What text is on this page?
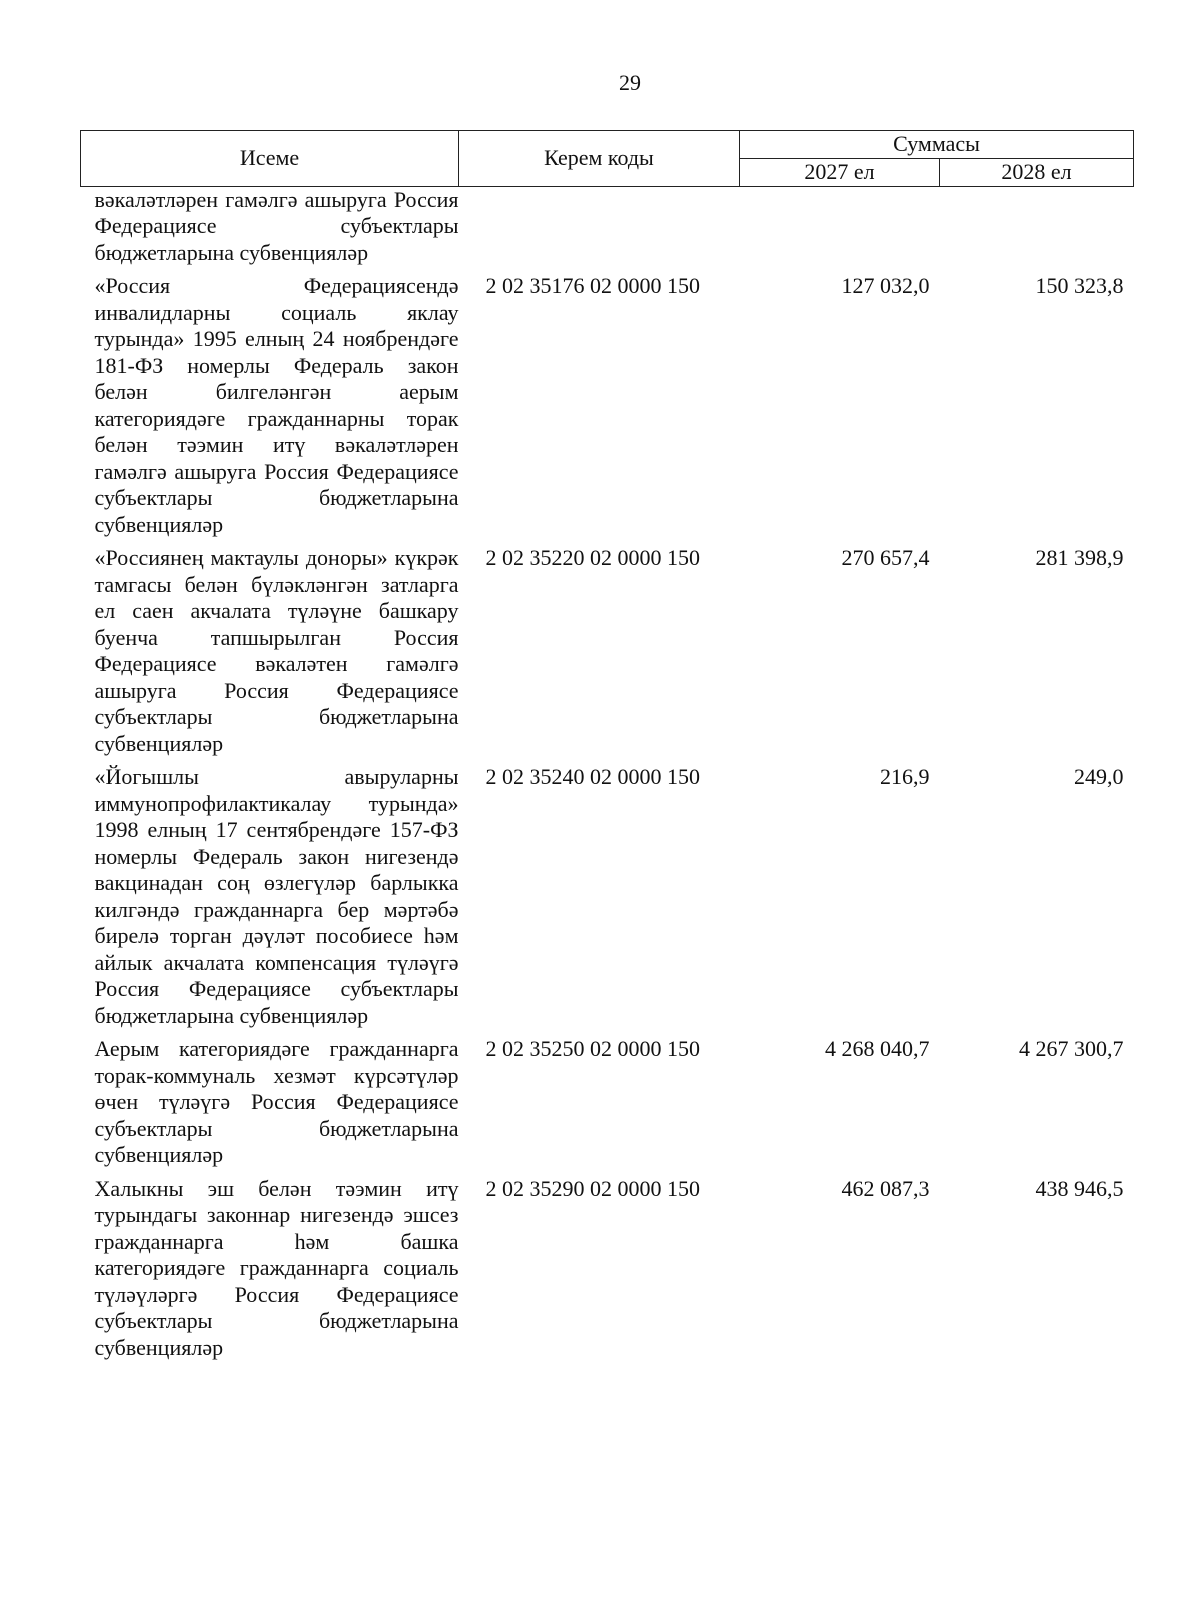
29
Исеме	Керем коды	Суммасы	
		2027 ел	2028 ел
вәкаләтләрен гамәлгә ашыруга Россия Федерациясе субъектлары бюджетларына субвенцияләр			
«Россия Федерациясендә инвалидларны социаль яклау турында» 1995 елның 24 ноябрендәге 181-ФЗ номерлы Федераль закон белән билгеләнгән аерым категориядәге гражданнарны торак белән тәэмин итү вәкаләтләрен гамәлгә ашыруга Россия Федерациясе субъектлары бюджетларына субвенцияләр	2 02 35176 02 0000 150	127 032,0	150 323,8
«Россиянең мактаулы доноры» күкрәк тамгасы белән бүләкләнгән затларга ел саен акчалата түләүне башкару буенча тапшырылган Россия Федерациясе вәкаләтен гамәлгә ашыруга Россия Федерациясе субъектлары бюджетларына субвенцияләр	2 02 35220 02 0000 150	270 657,4	281 398,9
«Йогышлы авыруларны иммунопрофилактикалау турында» 1998 елның 17 сентябрендәге 157-ФЗ номерлы Федераль закон нигезендә вакцинадан соң өзлегүләр барлыкка килгәндә гражданнарга бер мәртәбә бирелә торган дәүләт пособиесе һәм айлык акчалата компенсация түләүгә Россия Федерациясе субъектлары бюджетларына субвенцияләр	2 02 35240 02 0000 150	216,9	249,0
Аерым категориядәге гражданнарга торак-коммуналь хезмәт күрсәтүләр өчен түләүгә Россия Федерациясе субъектлары бюджетларына субвенцияләр	2 02 35250 02 0000 150	4 268 040,7	4 267 300,7
Халыкны эш белән тәэмин итү турындагы законнар нигезендә эшсез гражданнарга һәм башка категориядәге гражданнарга социаль түләүләргә Россия Федерациясе субъектлары бюджетларына субвенцияләр	2 02 35290 02 0000 150	462 087,3	438 946,5
